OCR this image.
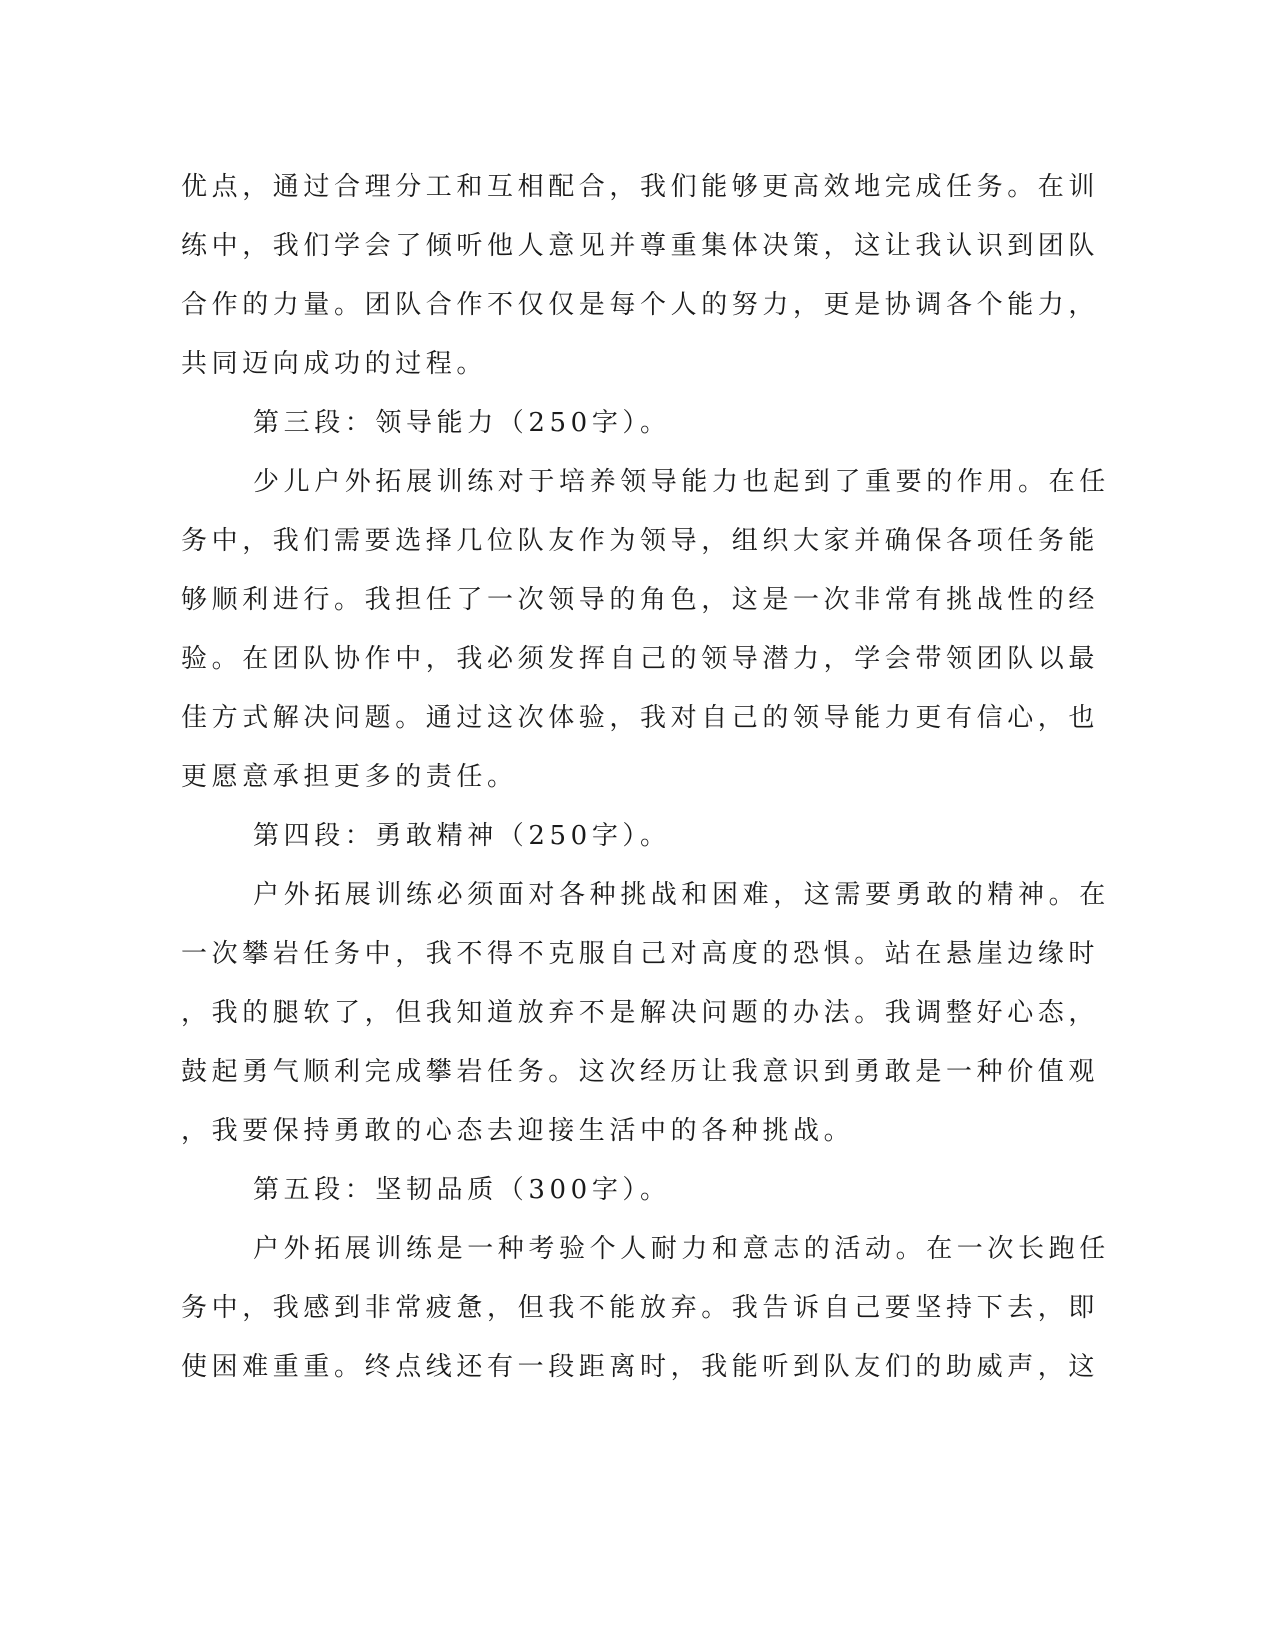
优点，通过合理分工和互相配合，我们能够更高效地完成任务。在训
练中，我们学会了倾听他人意见并尊重集体决策，这让我认识到团队
合作的力量。团队合作不仅仅是每个人的努力，更是协调各个能力，
共同迈向成功的过程。
第三段：领导能力（250字）。
少儿户外拓展训练对于培养领导能力也起到了重要的作用。在任
务中，我们需要选择几位队友作为领导，组织大家并确保各项任务能
够顺利进行。我担任了一次领导的角色，这是一次非常有挑战性的经
验。在团队协作中，我必须发挥自己的领导潜力，学会带领团队以最
佳方式解决问题。通过这次体验，我对自己的领导能力更有信心，也
更愿意承担更多的责任。
第四段：勇敢精神（250字）。
户外拓展训练必须面对各种挑战和困难，这需要勇敢的精神。在
一次攀岩任务中，我不得不克服自己对高度的恐惧。站在悬崖边缘时
，我的腿软了，但我知道放弃不是解决问题的办法。我调整好心态，
鼓起勇气顺利完成攀岩任务。这次经历让我意识到勇敢是一种价值观
，我要保持勇敢的心态去迎接生活中的各种挑战。
第五段：坚韧品质（300字）。
户外拓展训练是一种考验个人耐力和意志的活动。在一次长跑任
务中，我感到非常疲惫，但我不能放弃。我告诉自己要坚持下去，即
使困难重重。终点线还有一段距离时，我能听到队友们的助威声，这
